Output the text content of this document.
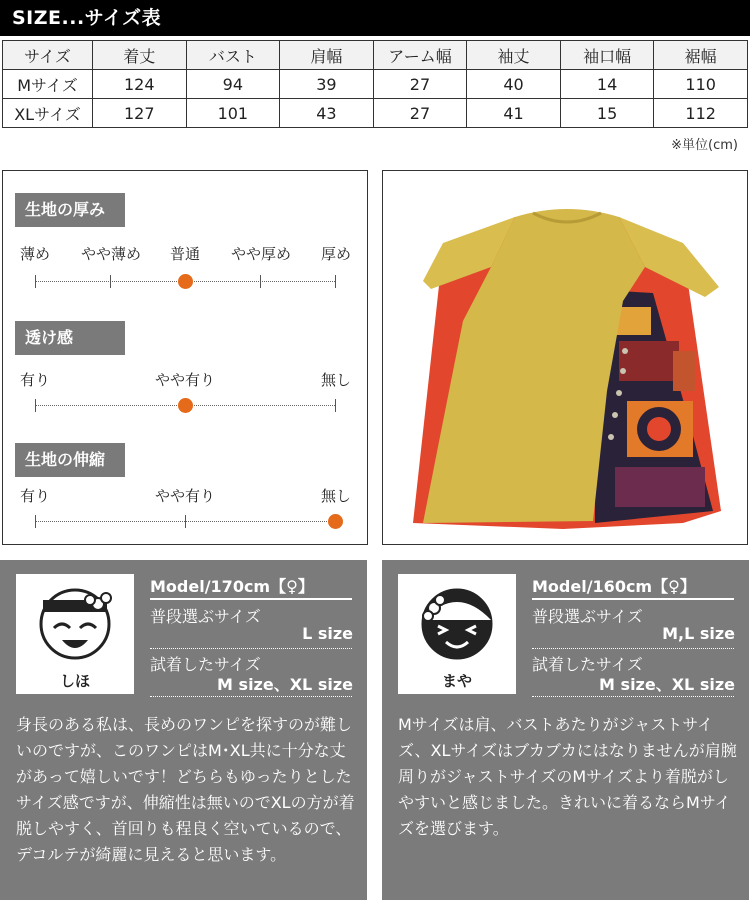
SIZE...サイズ表
サイズ	着丈	バスト	肩幅	アーム幅	袖丈	袖口幅	裾幅
Mサイズ	124	94	39	27	40	14	110
XLサイズ	127	101	43	27	41	15	112
※単位(cm)
生地の厚み
薄め やや薄め 普通 やや厚め 厚め
透け感
有り	やや有り	無し
生地の伸縮
有り	やや有り	無し
しほ
Model/170cm【♀】
普段選ぶサイズ
L size
試着したサイズ
M size、XL size
身長のある私は、長めのワンピを探すのが難しいのですが、このワンピはM･XL共に十分な丈があって嬉しいです！どちらもゆったりとしたサイズ感ですが、伸縮性は無いのでXLの方が着脱しやすく、首回りも程良く空いているので、デコルテが綺麗に見えると思います。
まや
Model/160cm【♀】
普段選ぶサイズ
M,L size
試着したサイズ
M size、XL size
Mサイズは肩、バストあたりがジャストサイズ、XLサイズはブカブカにはなりませんが肩腕周りがジャストサイズのMサイズより着脱がしやすいと感じました。きれいに着るならMサイズを選びます。
